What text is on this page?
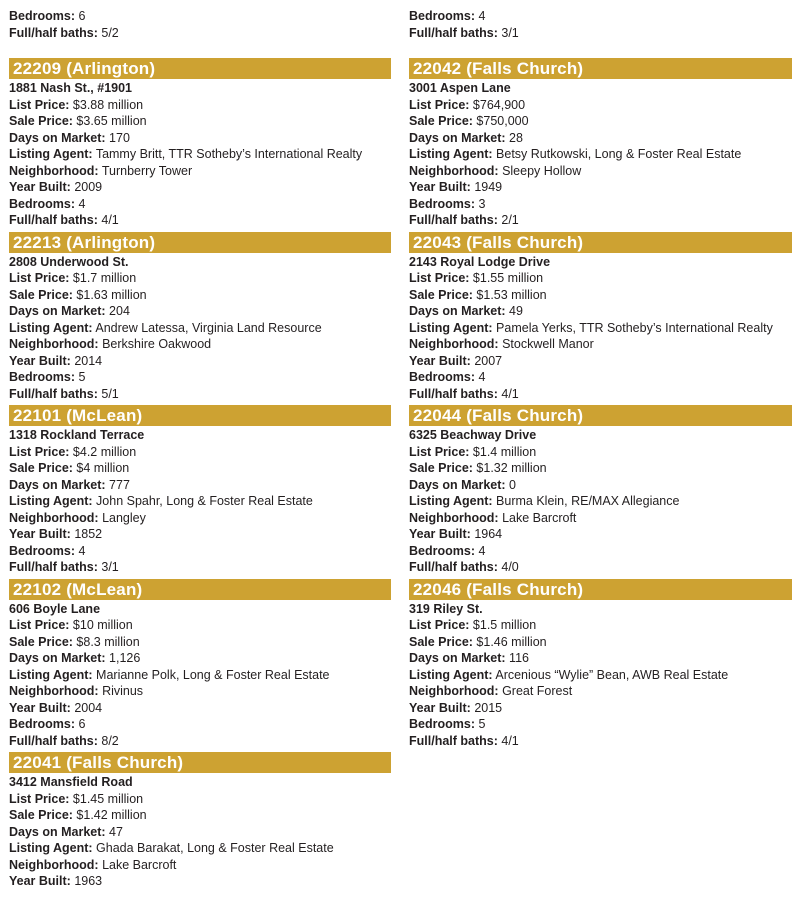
Bedrooms: 6
Full/half baths: 5/2
22209 (Arlington)
1881 Nash St., #1901
List Price: $3.88 million
Sale Price: $3.65 million
Days on Market: 170
Listing Agent: Tammy Britt, TTR Sotheby’s International Realty
Neighborhood: Turnberry Tower
Year Built: 2009
Bedrooms: 4
Full/half baths: 4/1
22213 (Arlington)
2808 Underwood St.
List Price: $1.7 million
Sale Price: $1.63 million
Days on Market: 204
Listing Agent: Andrew Latessa, Virginia Land Resource
Neighborhood: Berkshire Oakwood
Year Built: 2014
Bedrooms: 5
Full/half baths: 5/1
22101 (McLean)
1318 Rockland Terrace
List Price: $4.2 million
Sale Price: $4 million
Days on Market: 777
Listing Agent: John Spahr, Long & Foster Real Estate
Neighborhood: Langley
Year Built: 1852
Bedrooms: 4
Full/half baths: 3/1
22102 (McLean)
606 Boyle Lane
List Price: $10 million
Sale Price: $8.3 million
Days on Market: 1,126
Listing Agent: Marianne Polk, Long & Foster Real Estate
Neighborhood: Rivinus
Year Built: 2004
Bedrooms: 6
Full/half baths: 8/2
22041 (Falls Church)
3412 Mansfield Road
List Price: $1.45 million
Sale Price: $1.42 million
Days on Market: 47
Listing Agent: Ghada Barakat, Long & Foster Real Estate
Neighborhood: Lake Barcroft
Year Built: 1963
Bedrooms: 4
Full/half baths: 3/1
22042 (Falls Church)
3001 Aspen Lane
List Price: $764,900
Sale Price: $750,000
Days on Market: 28
Listing Agent: Betsy Rutkowski, Long & Foster Real Estate
Neighborhood: Sleepy Hollow
Year Built: 1949
Bedrooms: 3
Full/half baths: 2/1
22043 (Falls Church)
2143 Royal Lodge Drive
List Price: $1.55 million
Sale Price: $1.53 million
Days on Market: 49
Listing Agent: Pamela Yerks, TTR Sotheby’s International Realty
Neighborhood: Stockwell Manor
Year Built: 2007
Bedrooms: 4
Full/half baths: 4/1
22044 (Falls Church)
6325 Beachway Drive
List Price: $1.4 million
Sale Price: $1.32 million
Days on Market: 0
Listing Agent: Burma Klein, RE/MAX Allegiance
Neighborhood: Lake Barcroft
Year Built: 1964
Bedrooms: 4
Full/half baths: 4/0
22046 (Falls Church)
319 Riley St.
List Price: $1.5 million
Sale Price: $1.46 million
Days on Market: 116
Listing Agent: Arcenious “Wylie” Bean, AWB Real Estate
Neighborhood: Great Forest
Year Built: 2015
Bedrooms: 5
Full/half baths: 4/1
